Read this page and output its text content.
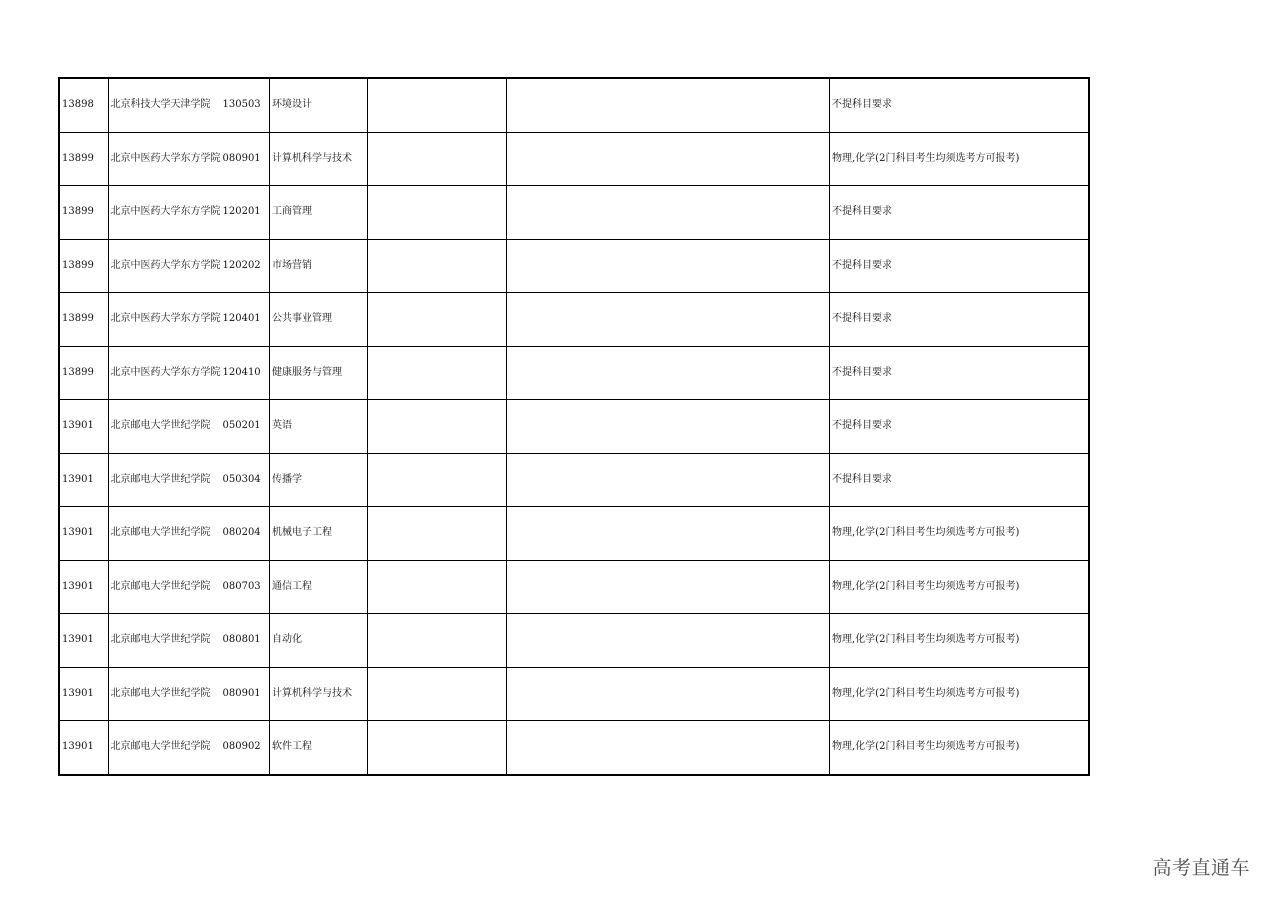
13898	北京科技大学天津学院	130503	环境设计			不提科目要求
13899	北京中医药大学东方学院	080901	计算机科学与技术			物理,化学(2门科目考生均须选考方可报考)
13899	北京中医药大学东方学院	120201	工商管理			不提科目要求
13899	北京中医药大学东方学院	120202	市场营销			不提科目要求
13899	北京中医药大学东方学院	120401	公共事业管理			不提科目要求
13899	北京中医药大学东方学院	120410	健康服务与管理			不提科目要求
13901	北京邮电大学世纪学院	050201	英语			不提科目要求
13901	北京邮电大学世纪学院	050304	传播学			不提科目要求
13901	北京邮电大学世纪学院	080204	机械电子工程			物理,化学(2门科目考生均须选考方可报考)
13901	北京邮电大学世纪学院	080703	通信工程			物理,化学(2门科目考生均须选考方可报考)
13901	北京邮电大学世纪学院	080801	自动化			物理,化学(2门科目考生均须选考方可报考)
13901	北京邮电大学世纪学院	080901	计算机科学与技术			物理,化学(2门科目考生均须选考方可报考)
13901	北京邮电大学世纪学院	080902	软件工程			物理,化学(2门科目考生均须选考方可报考)
高考直通车
